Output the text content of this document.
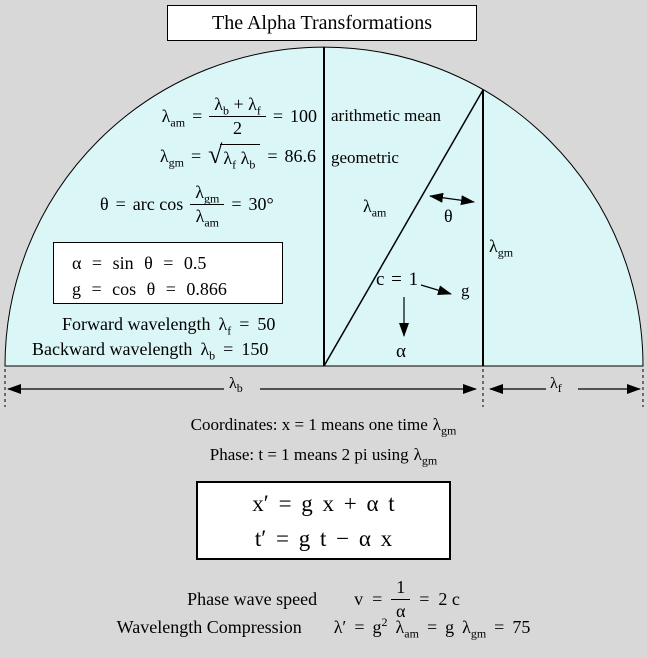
The Alpha Transformations
$\lambda_{am} = \frac{\lambda_b + \lambda_f}{2} = 100$ arithmetic mean
$\lambda_{gm}$ = √ $\lambda_f$ $\lambda_b = 86.6$ geometric
θ = arc $\cos \frac{\lambda_{gm}}{\lambda_{am}} = 30^\circ$
α = sin θ = 0.5
g = cos θ = 0.866
Forward wavelength $\lambda_f = 50$
Backward wavelength $\lambda_b = 150$
$\lambda_{am}$	θ
$\lambda_{gm}$
c = 1
g
α
$\lambda_b$	$\lambda_f$
Coordinates: x = 1 means one time $\lambda_{gm}$
Phase: t = 1 means 2 pi using $\lambda_{gm}$
x′ = g x + α t
t′ = g t − α x
Phase wave speed $v = \frac{1}{\alpha} = 2$ c
Wavelength Compression $\lambda' = g^2$ $\lambda_{am} = g$ $\lambda_{gm} = 75$
